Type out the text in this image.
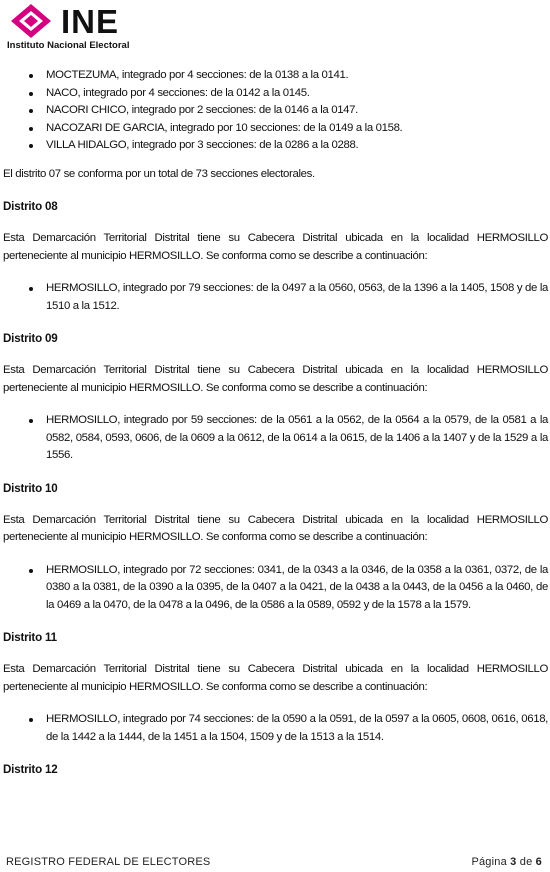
INE
Instituto Nacional Electoral
MOCTEZUMA, integrado por 4 secciones: de la 0138 a la 0141.
NACO, integrado por 4 secciones: de la 0142 a la 0145.
NACORI CHICO, integrado por 2 secciones: de la 0146 a la 0147.
NACOZARI DE GARCIA, integrado por 10 secciones: de la 0149 a la 0158.
VILLA HIDALGO, integrado por 3 secciones: de la 0286 a la 0288.

El distrito 07 se conforma por un total de 73 secciones electorales.

Distrito 08

Esta Demarcación Territorial Distrital tiene su Cabecera Distrital ubicada en la localidad HERMOSILLO perteneciente al municipio HERMOSILLO. Se conforma como se describe a continuación:

HERMOSILLO, integrado por 79 secciones: de la 0497 a la 0560, 0563, de la 1396 a la 1405, 1508 y de la 1510 a la 1512.
Distrito 09

Esta Demarcación Territorial Distrital tiene su Cabecera Distrital ubicada en la localidad HERMOSILLO perteneciente al municipio HERMOSILLO. Se conforma como se describe a continuación:

HERMOSILLO, integrado por 59 secciones: de la 0561 a la 0562, de la 0564 a la 0579, de la 0581 a la 0582, 0584, 0593, 0606, de la 0609 a la 0612, de la 0614 a la 0615, de la 1406 a la 1407 y de la 1529 a la 1556.
Distrito 10

Esta Demarcación Territorial Distrital tiene su Cabecera Distrital ubicada en la localidad HERMOSILLO perteneciente al municipio HERMOSILLO. Se conforma como se describe a continuación:

HERMOSILLO, integrado por 72 secciones: 0341, de la 0343 a la 0346, de la 0358 a la 0361, 0372, de la 0380 a la 0381, de la 0390 a la 0395, de la 0407 a la 0421, de la 0438 a la 0443, de la 0456 a la 0460, de la 0469 a la 0470, de la 0478 a la 0496, de la 0586 a la 0589, 0592 y de la 1578 a la 1579.
Distrito 11

Esta Demarcación Territorial Distrital tiene su Cabecera Distrital ubicada en la localidad HERMOSILLO perteneciente al municipio HERMOSILLO. Se conforma como se describe a continuación:

HERMOSILLO, integrado por 74 secciones: de la 0590 a la 0591, de la 0597 a la 0605, 0608, 0616, 0618, de la 1442 a la 1444, de la 1451 a la 1504, 1509 y de la 1513 a la 1514.
Distrito 12
REGISTRO FEDERAL DE ELECTORES	Página 3 de 6
